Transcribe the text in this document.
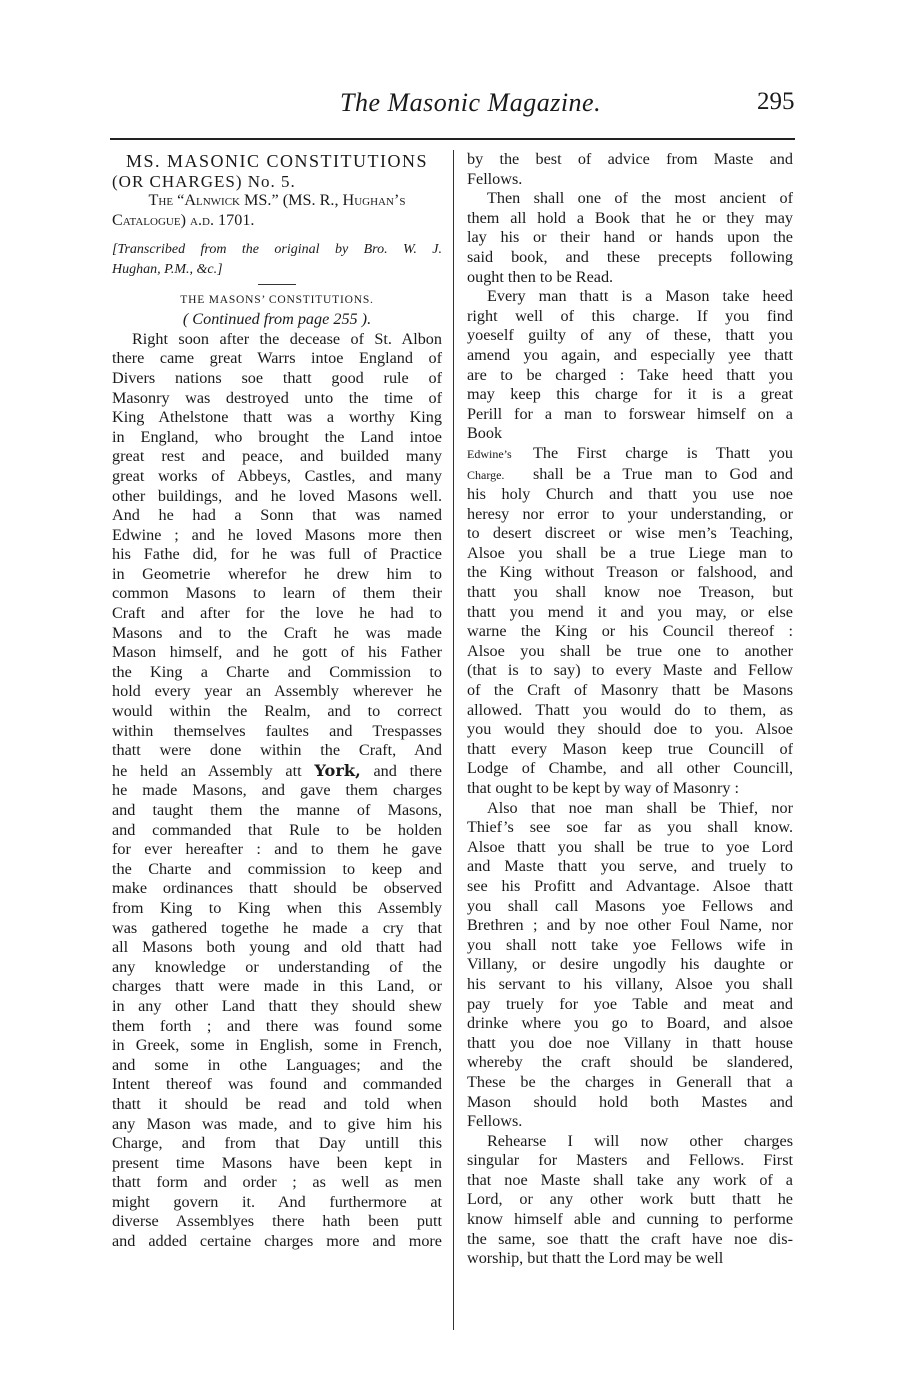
The Masonic Magazine.	295
MS. MASONIC CONSTITUTIONS
(OR CHARGES) No. 5.
The “Alnwick MS.” (MS. R., Hughan’s
Catalogue) a.d. 1701.
[Transcribed from the original by Bro. W. J.
Hughan, P.M., &c.]
THE MASONS’ CONSTITUTIONS.
( Continued from page 255 ).
Right soon after the decease of St. Albon
there came great Warrs intoe England of
Divers nations soe thatt good rule of
Masonry was destroyed unto the time of
King Athelstone thatt was a worthy King
in England, who brought the Land intoe
great rest and peace, and builded many
great works of Abbeys, Castles, and many
other buildings, and he loved Masons well.
And he had a Sonn that was named
Edwine ; and he loved Masons more then
his Fathe did, for he was full of Practice
in Geometrie wherefor he drew him to
common Masons to learn of them their
Craft and after for the love he had to
Masons and to the Craft he was made
Mason himself, and he gott of his Father
the King a Charte and Commission to
hold every year an Assembly wherever he
would within the Realm, and to correct
within themselves faultes and Trespasses
thatt were done within the Craft, And
he held an Assembly att York, and there
he made Masons, and gave them charges
and taught them the manne of Masons,
and commanded that Rule to be holden
for ever hereafter : and to them he gave
the Charte and commission to keep and
make ordinances thatt should be observed
from King to King when this Assembly
was gathered togethe he made a cry that
all Masons both young and old thatt had
any knowledge or understanding of the
charges thatt were made in this Land, or
in any other Land thatt they should shew
them forth ; and there was found some
in Greek, some in English, some in French,
and some in othe Languages; and the
Intent thereof was found and commanded
thatt it should be read and told when
any Mason was made, and to give him his
Charge, and from that Day untill this
present time Masons have been kept in
thatt form and order ; as well as men
might govern it. And furthermore at
diverse Assemblyes there hath been putt
and added certaine charges more and more
by the best of advice from Maste and
Fellows.
Then shall one of the most ancient of
them all hold a Book that he or they may
lay his or their hand or hands upon the
said book, and these precepts following
ought then to be Read.
Every man thatt is a Mason take heed
right well of this charge. If you find
yoeself guilty of any of these, thatt you
amend you again, and especially yee thatt
are to be charged : Take heed thatt you
may keep this charge for it is a great
Perill for a man to forswear himself on a
Book
Edwine’s The First charge is Thatt you
Charge. shall be a True man to God and
his holy Church and thatt you use noe
heresy nor error to your understanding, or
to desert discreet or wise men’s Teaching,
Alsoe you shall be a true Liege man to
the King without Treason or falshood, and
thatt you shall know noe Treason, but
thatt you mend it and you may, or else
warne the King or his Council thereof :
Alsoe you shall be true one to another
(that is to say) to every Maste and Fellow
of the Craft of Masonry thatt be Masons
allowed. Thatt you would do to them, as
you would they should doe to you. Alsoe
thatt every Mason keep true Councill of
Lodge of Chambe, and all other Councill,
that ought to be kept by way of Masonry :
Also that noe man shall be Thief, nor
Thief’s see soe far as you shall know.
Alsoe thatt you shall be true to yoe Lord
and Maste thatt you serve, and truely to
see his Profitt and Advantage. Alsoe thatt
you shall call Masons yoe Fellows and
Brethren ; and by noe other Foul Name, nor
you shall nott take yoe Fellows wife in
Villany, or desire ungodly his daughte or
his servant to his villany, Alsoe you shall
pay truely for yoe Table and meat and
drinke where you go to Board, and alsoe
thatt you doe noe Villany in thatt house
whereby the craft should be slandered,
These be the charges in Generall that a
Mason should hold both Mastes and
Fellows.
Rehearse I will now other charges
singular for Masters and Fellows. First
that noe Maste shall take any work of a
Lord, or any other work butt thatt he
know himself able and cunning to performe
the same, soe thatt the craft have noe dis-
worship, but thatt the Lord may be well
